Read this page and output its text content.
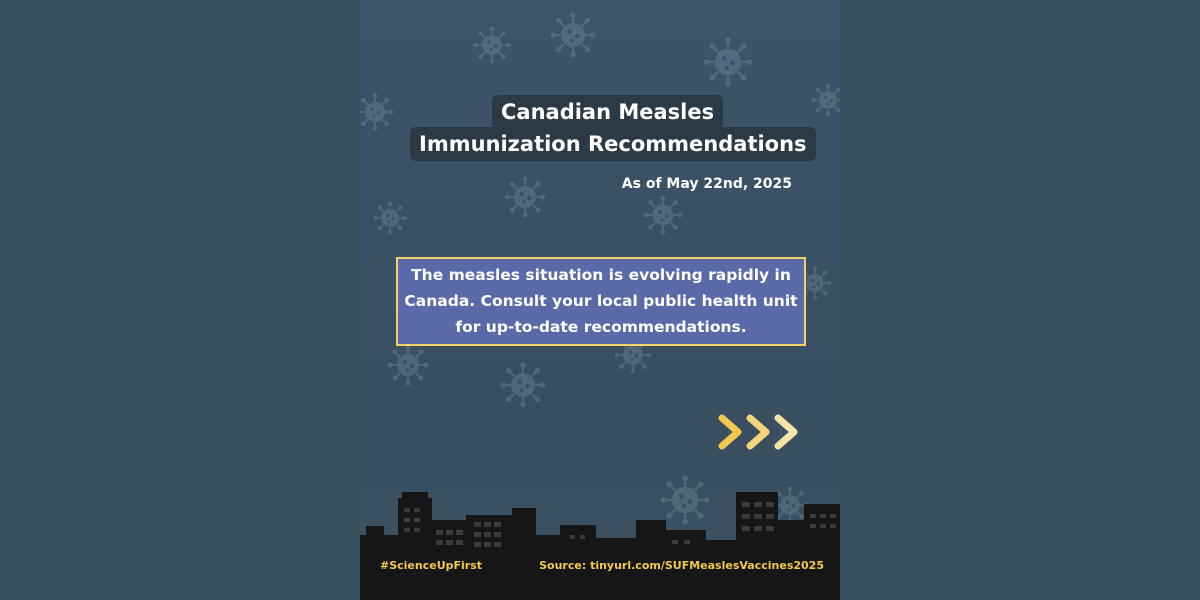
Canadian Measles
Immunization Recommendations
As of May 22nd, 2025
The measles situation is evolving rapidly in Canada. Consult your local public health unit for up-to-date recommendations.
#ScienceUpFirst	Source: tinyurl.com/SUFMeaslesVaccines2025
